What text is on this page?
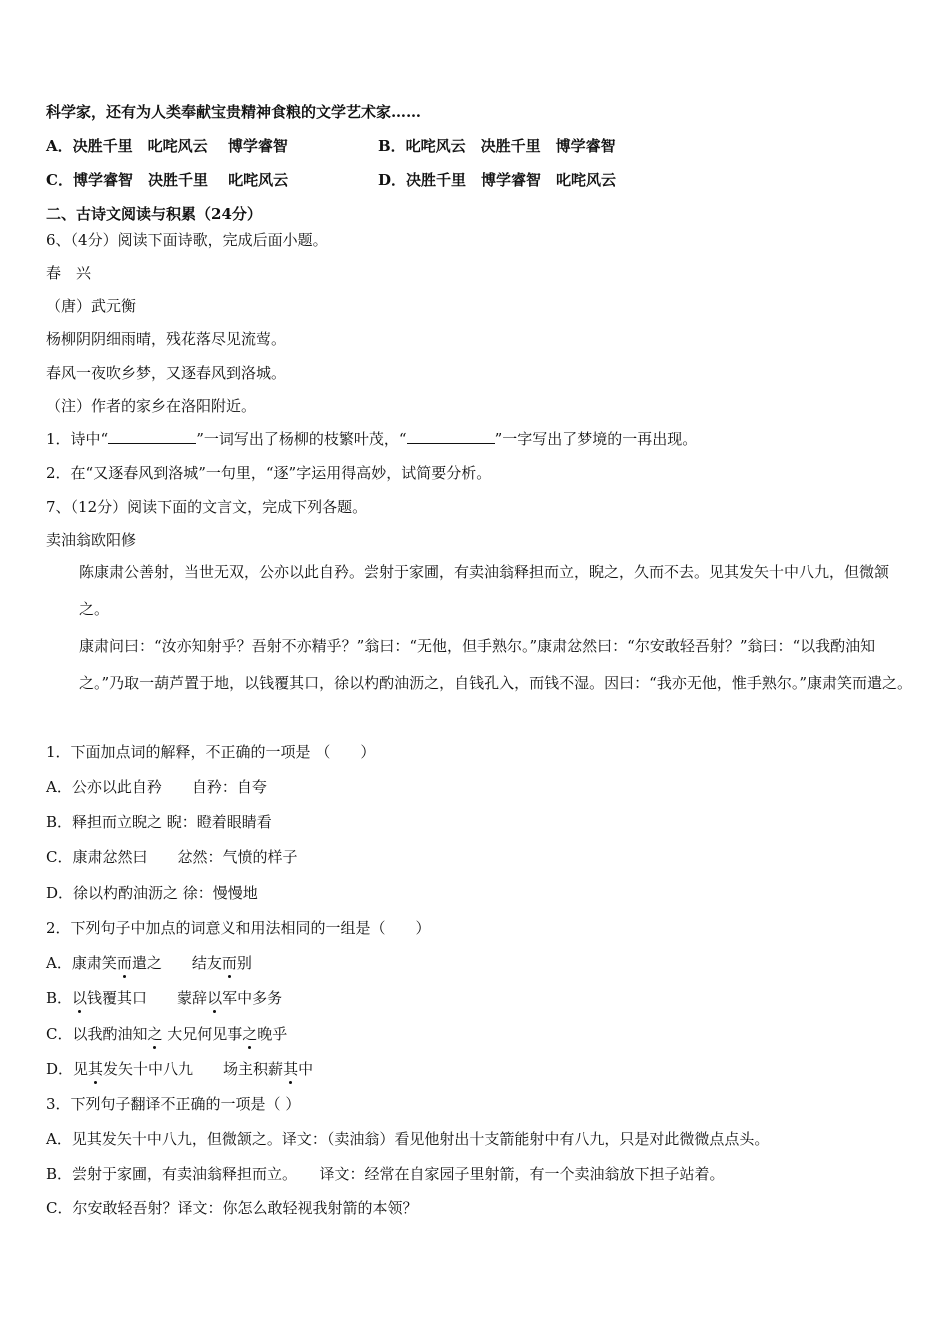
科学家，还有为人类奉献宝贵精神食粮的文学艺术家……
A．决胜千里　叱咤风云　 博学睿智	B．叱咤风云　决胜千里　博学睿智
C．博学睿智　决胜千里　 叱咤风云	D．决胜千里　博学睿智　叱咤风云
二、古诗文阅读与积累（24分）
6、（4分）阅读下面诗歌，完成后面小题。
春　兴
（唐）武元衡
杨柳阴阴细雨晴，残花落尽见流莺。
春风一夜吹乡梦，又逐春风到洛城。
（注）作者的家乡在洛阳附近。
1．诗中“	”一词写出了杨柳的枝繁叶茂，“	”一字写出了梦境的一再出现。
2．在“又逐春风到洛城”一句里，“逐”字运用得高妙，试简要分析。
7、（12分）阅读下面的文言文，完成下列各题。
卖油翁欧阳修
陈康肃公善射，当世无双，公亦以此自矜。尝射于家圃，有卖油翁释担而立，睨之，久而不去。见其发矢十中八九，但微颔之。
康肃问曰：“汝亦知射乎？吾射不亦精乎？”翁曰：“无他，但手熟尔。”康肃忿然曰：“尔安敢轻吾射？”翁曰：“以我酌油知之。”乃取一葫芦置于地，以钱覆其口，徐以杓酌油沥之，自钱孔入，而钱不湿。因曰：“我亦无他，惟手熟尔。”康肃笑而遣之。
1．下面加点词的解释，不正确的一项是 （　　）
A．公亦以此自矜　　自矜：自夸
B．释担而立睨之 睨：瞪着眼睛看
C．康肃忿然曰　　忿然：气愤的样子
D．徐以杓酌油沥之 徐：慢慢地
2．下列句子中加点的词意义和用法相同的一组是（　　）
A．康肃笑而遣之　　结友而别
B．以钱覆其口　　蒙辞以军中多务
C．以我酌油知之 大兄何见事之晚乎
D．见其发矢十中八九　　场主积薪其中
3．下列句子翻译不正确的一项是（ ）
A．见其发矢十中八九，但微颔之。译文：（卖油翁）看见他射出十支箭能射中有八九，只是对此微微点点头。
B．尝射于家圃，有卖油翁释担而立。　　译文：经常在自家园子里射箭，有一个卖油翁放下担子站着。
C．尔安敢轻吾射？译文：你怎么敢轻视我射箭的本领？
